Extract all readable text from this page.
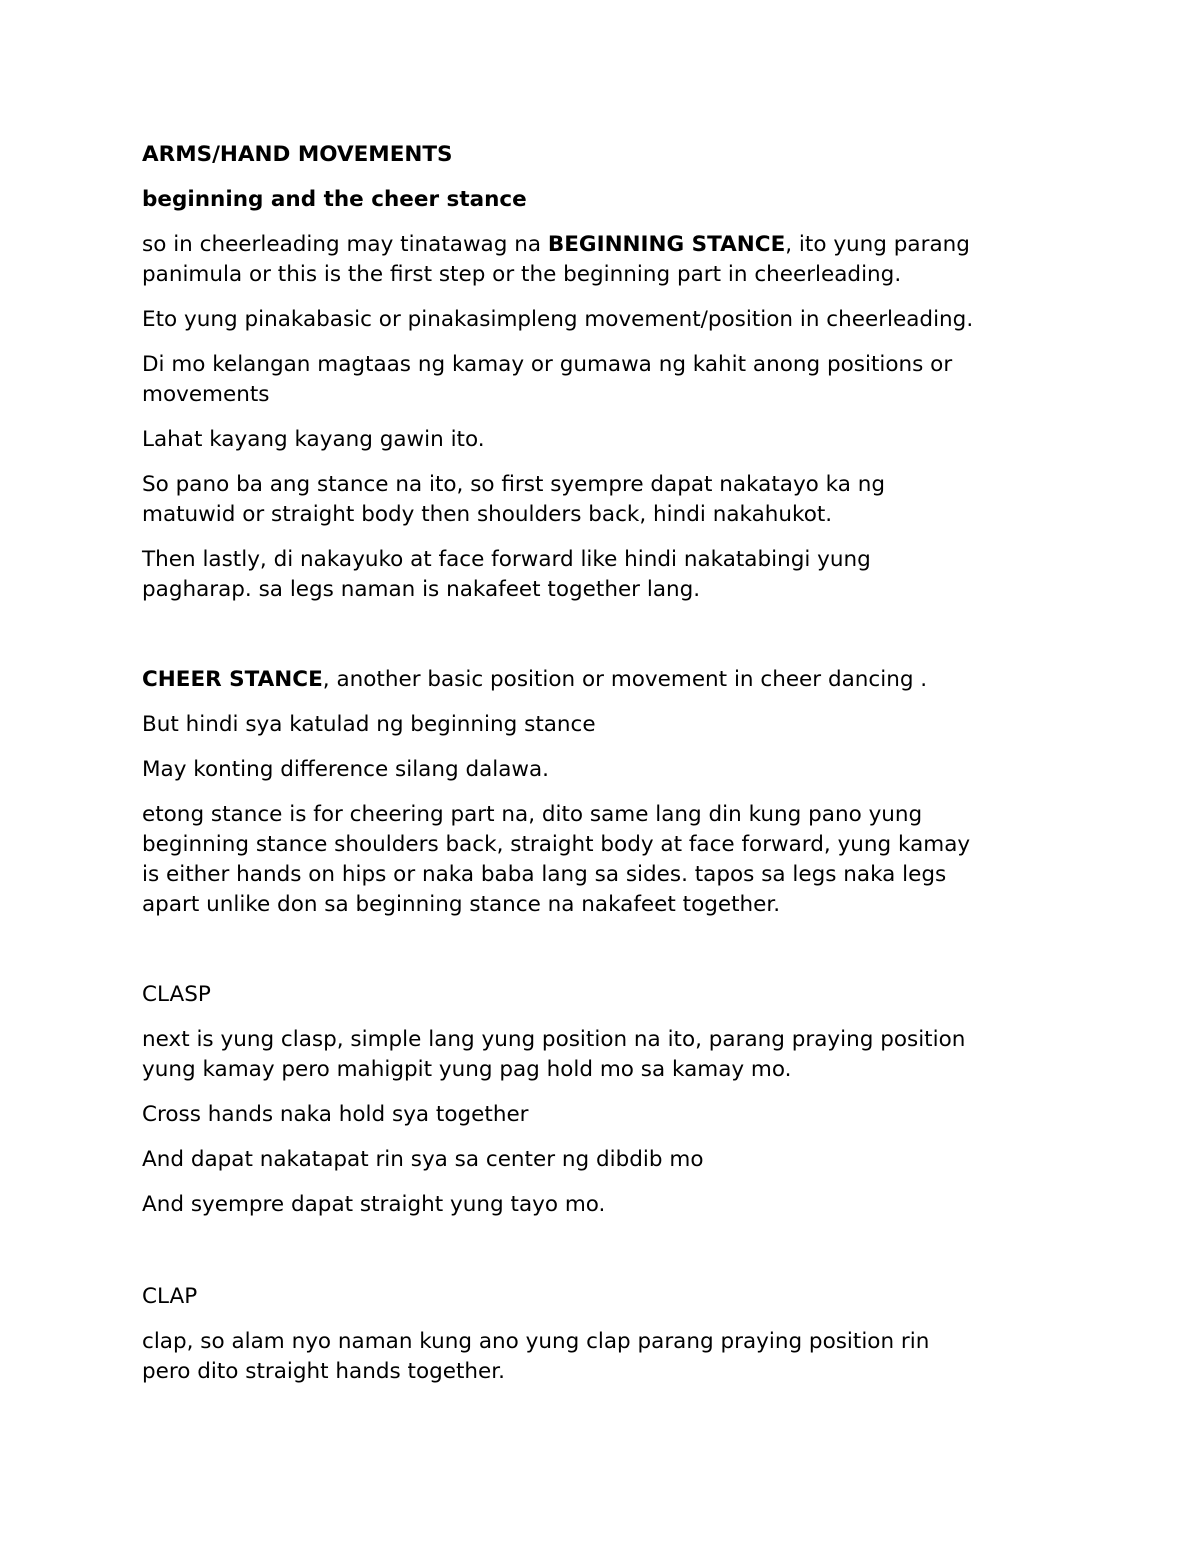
ARMS/HAND MOVEMENTS

beginning and the cheer stance

so in cheerleading may tinatawag na BEGINNING STANCE, ito yung parang
panimula or this is the first step or the beginning part in cheerleading.

Eto yung pinakabasic or pinakasimpleng movement/position in cheerleading.

Di mo kelangan magtaas ng kamay or gumawa ng kahit anong positions or
movements

Lahat kayang kayang gawin ito.

So pano ba ang stance na ito, so first syempre dapat nakatayo ka ng
matuwid or straight body then shoulders back, hindi nakahukot.

Then lastly, di nakayuko at face forward like hindi nakatabingi yung
pagharap. sa legs naman is nakafeet together lang.

CHEER STANCE, another basic position or movement in cheer dancing .

But hindi sya katulad ng beginning stance

May konting difference silang dalawa.

etong stance is for cheering part na, dito same lang din kung pano yung
beginning stance shoulders back, straight body at face forward, yung kamay
is either hands on hips or naka baba lang sa sides. tapos sa legs naka legs
apart unlike don sa beginning stance na nakafeet together.

CLASP

next is yung clasp, simple lang yung position na ito, parang praying position
yung kamay pero mahigpit yung pag hold mo sa kamay mo.

Cross hands naka hold sya together

And dapat nakatapat rin sya sa center ng dibdib mo

And syempre dapat straight yung tayo mo.

CLAP

clap, so alam nyo naman kung ano yung clap parang praying position rin
pero dito straight hands together.
